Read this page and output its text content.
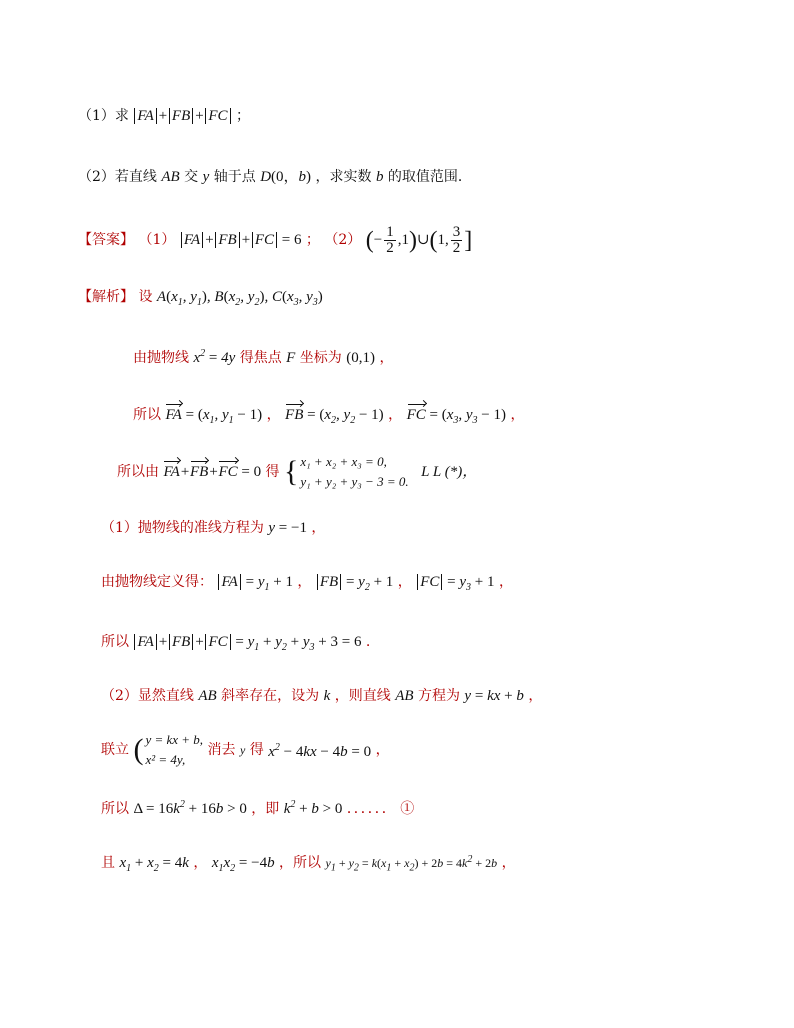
（1）求 FA + FB + FC ；
（2）若直线 AB 交 y 轴于点 D(0，b) ，求实数 b 的取值范围．
【答案】 （1） FA + FB + FC = 6 ； （2） (− $\frac{1}{2}$ ,1)∪(1, $\frac{3}{2}$ ]
【解析】 设 $A(x_1$, $y_1$), $B(x_2$, $y_2$), $C(x_3$, $y_3$)
由抛物线 $x^2 = 4y$ 得焦点 F 坐标为 (0,1) ，
所以 FA = ($x_1$, $y_1 - 1$) ， FB = ($x_2$, $y_2 - 1$) ， FC = ($x_3$, $y_3 - 1$) ，
所以由 FA+FB+FC = 0 得 { x₁ + x₂ + x₃ = 0,
y₁ + y₂ + y₃ − 3 = 0.
L L (*)，
（1）抛物线的准线方程为 y = −1 ，
由抛物线定义得： FA = $y_1 + 1$ ， FB = $y_2 + 1$ ， FC = $y_3 + 1$ ，
所以 FA + FB + FC = $y_1 + y_2 + y_3 + 3 = 6$ .
（2）显然直线 AB 斜率存在，设为 k ，则直线 AB 方程为 y = kx + b ，
联立 ( y = kx + b,
x² = 4y,
消去 y 得 $x^2 - 4kx - 4b = 0$ ，
所以 $\Delta = 16k^2 + 16b > 0$ ，即 $k^2 + b > 0$ ．．．．．． ①
且 $x_1 + x_2 = 4k$ ， $x_1x_2 = -4b$ ，所以 $y_1 + y_2 = k(x_1 + x_2) + 2b = 4k^2 + 2b$ ，
